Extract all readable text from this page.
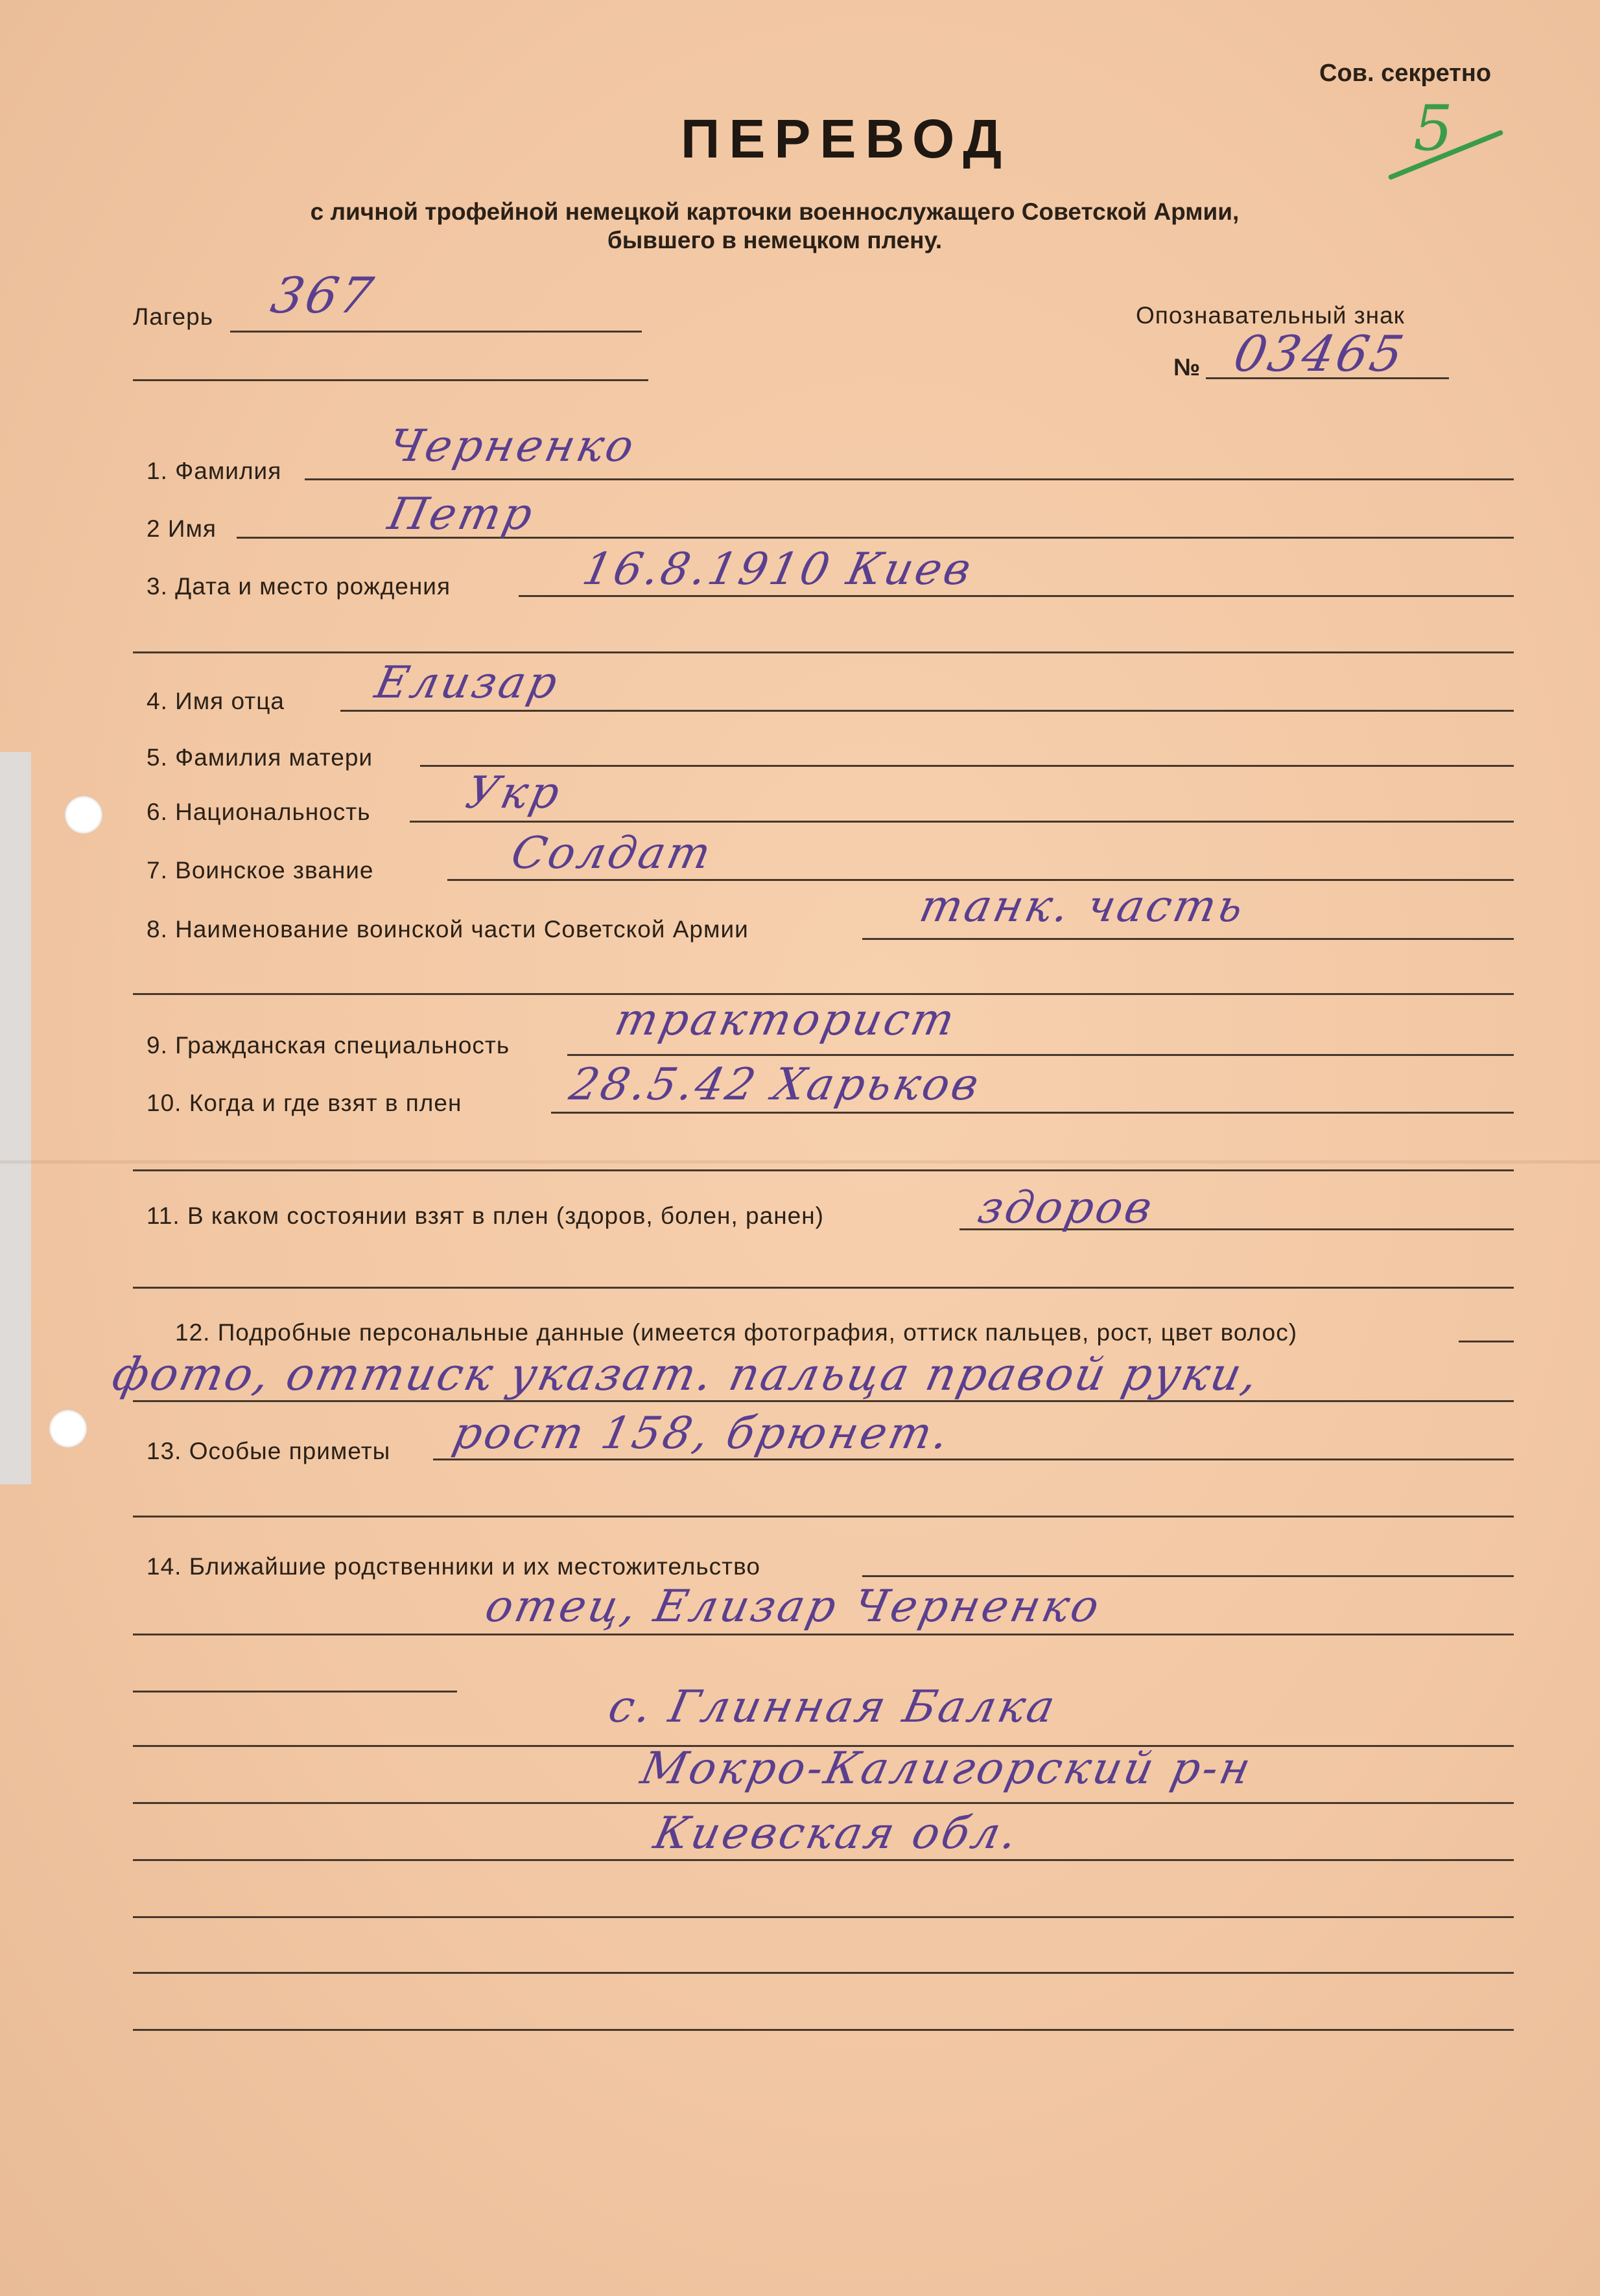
Сов. секретно
5
ПЕРЕВОД
с личной трофейной немецкой карточки военнослужащего Советской Армии,
бывшего в немецком плену.
Лагерь 367	Опознавательный знак
№ 03465
1. Фамилия Черненко
2 Имя	Петр
3. Дата и место рождения	16.8.1910 Киев
4. Имя отца Елизар
5. Фамилия матери
6. Национальность Укр
7. Воинское звание	Солдат
8. Наименование воинской части Советской Армии	танк. часть
9. Гражданская специальность тракторист
10. Когда и где взят в плен 28.5.42 Харьков
11. В каком состоянии взят в плен (здоров, болен, ранен)	здоров
12. Подробные персональные данные (имеется фотография, оттиск пальцев, рост, цвет волос)
фото, оттиск указат. пальца правой руки,
13. Особые приметы рост 158, брюнет.
14. Ближайшие родственники и их местожительство
отец, Елизар Черненко
с. Глинная Балка
Мокро-Калигорский р-н
Киевская обл.
